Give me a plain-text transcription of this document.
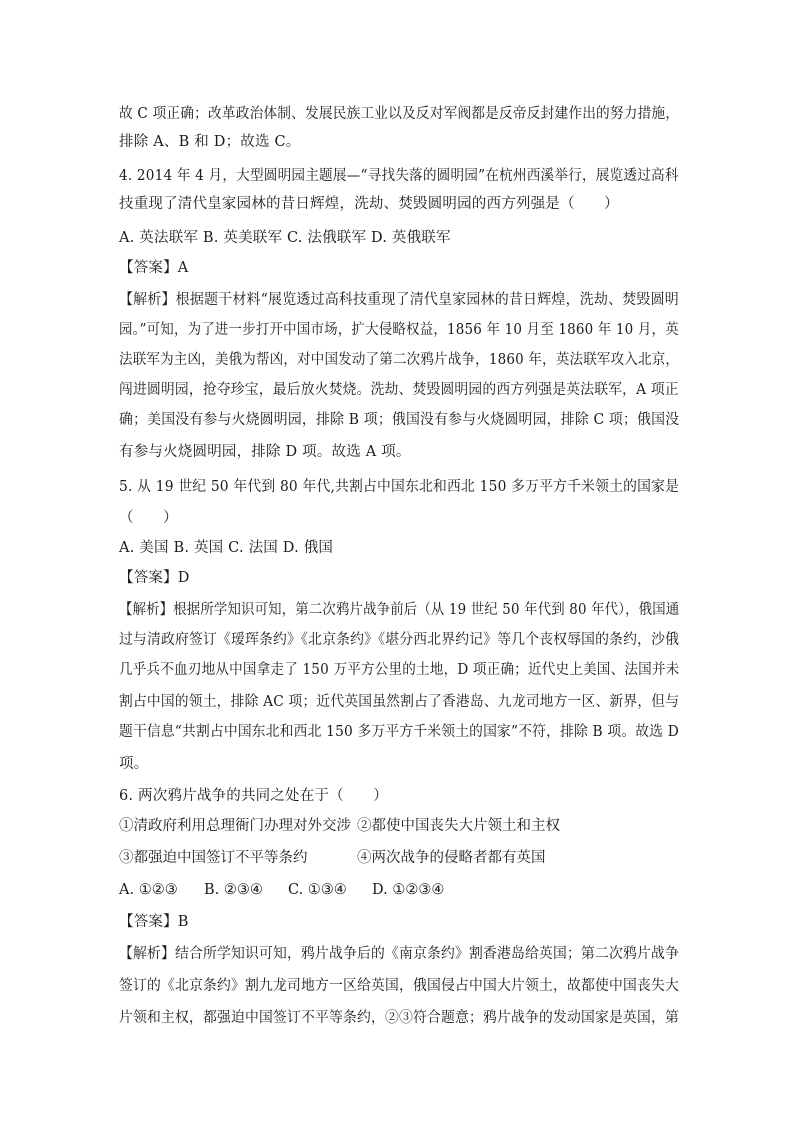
故 C 项正确；改革政治体制、发展民族工业以及反对军阀都是反帝反封建作出的努力措施，
排除 A、B 和 D；故选 C。
4. 2014 年 4 月，大型圆明园主题展—“寻找失落的圆明园”在杭州西溪举行，展览透过高科
技重现了清代皇家园林的昔日辉煌，洗劫、焚毁圆明园的西方列强是（　　）
A. 英法联军 B. 英美联军 C. 法俄联军 D. 英俄联军
【答案】A
【解析】根据题干材料“展览透过高科技重现了清代皇家园林的昔日辉煌，洗劫、焚毁圆明
园。”可知，为了进一步打开中国市场，扩大侵略权益，1856 年 10 月至 1860 年 10 月，英
法联军为主凶，美俄为帮凶，对中国发动了第二次鸦片战争，1860 年，英法联军攻入北京，
闯进圆明园，抢夺珍宝，最后放火焚烧。洗劫、焚毁圆明园的西方列强是英法联军，A 项正
确；美国没有参与火烧圆明园，排除 B 项；俄国没有参与火烧圆明园，排除 C 项；俄国没
有参与火烧圆明园，排除 D 项。故选 A 项。
5. 从 19 世纪 50 年代到 80 年代,共割占中国东北和西北 150 多万平方千米领土的国家是
（　　）
A. 美国 B. 英国 C. 法国 D. 俄国
【答案】D
【解析】根据所学知识可知，第二次鸦片战争前后（从 19 世纪 50 年代到 80 年代），俄国通
过与清政府签订《瑷珲条约》《北京条约》《堪分西北界约记》等几个丧权辱国的条约，沙俄
几乎兵不血刃地从中国拿走了 150 万平方公里的土地，D 项正确；近代史上美国、法国并未
割占中国的领土，排除 AC 项；近代英国虽然割占了香港岛、九龙司地方一区、新界，但与
题干信息“共割占中国东北和西北 150 多万平方千米领土的国家”不符，排除 B 项。故选 D
项。
6. 两次鸦片战争的共同之处在于（　　）
①清政府利用总理衙门办理对外交涉 ②都使中国丧失大片领土和主权
③都强迫中国签订不平等条约	④两次战争的侵略者都有英国
A. ①②③ B. ②③④ C. ①③④ D. ①②③④
【答案】B
【解析】结合所学知识可知，鸦片战争后的《南京条约》割香港岛给英国；第二次鸦片战争
签订的《北京条约》割九龙司地方一区给英国，俄国侵占中国大片领土，故都使中国丧失大
片领和主权，都强迫中国签订不平等条约，②③符合题意；鸦片战争的发动国家是英国，第
